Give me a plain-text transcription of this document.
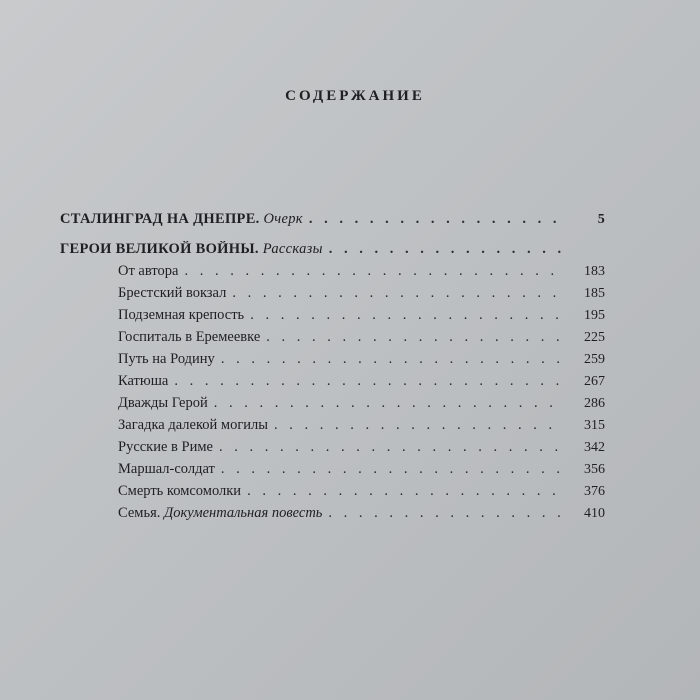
СОДЕРЖАНИЕ
СТАЛИНГРАД НА ДНЕПРЕ. Очерк . . .	5
ГЕРОИ ВЕЛИКОЙ ВОЙНЫ. Рассказы
. . .
От автора . . .	183
Брестский вокзал . . .	185
Подземная крепость . . .	195
Госпиталь в Еремеевке . . .	225
Путь на Родину . . .	259
Катюша . . .	267
Дважды Герой . . .	286
Загадка далекой могилы . . .	315
Русские в Риме . . .	342
Маршал-солдат . . .	356
Смерть комсомолки . . .	376
Семья. Документальная повесть . . .	410
